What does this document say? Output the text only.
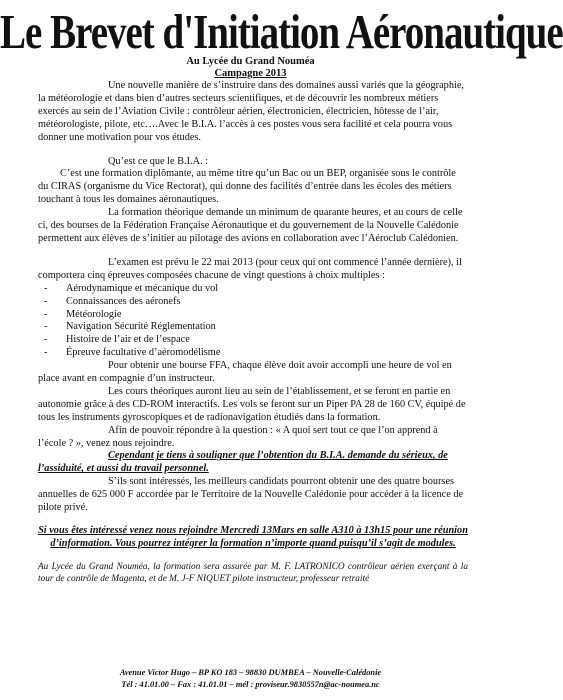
Le Brevet d'Initiation Aéronautique
Au Lycée du Grand Nouméa
Campagne 2013

Une nouvelle manière de s’instruire dans des domaines aussi variés que la géographie, la météorologie et dans bien d’autres secteurs scientifiques, et de découvrir les nombreux métiers exercés au sein de l’Aviation Civile : contrôleur aérien, électronicien, électricien, hôtesse de l’air, météorologiste, pilote, etc….Avec le B.I.A. l’accès à ces postes vous sera facilité et cela pourra vous donner une motivation pour vos études.

Qu’est ce que le B.I.A. :

C’est une formation diplômante, au même titre qu’un Bac ou un BEP, organisée sous le contrôle du CIRAS (organisme du Vice Rectorat), qui donne des facilités d’entrée dans les écoles des métiers touchant à tous les domaines aéronautiques.

La formation théorique demande un minimum de quarante heures, et au cours de celle ci, des bourses de la Fédération Française Aéronautique et du gouvernement de la Nouvelle Calédonie permettent aux élèves de s’initier au pilotage des avions en collaboration avec l’Aéroclub Calédonien.

L’examen est prévu le 22 mai 2013 (pour ceux qui ont commencé l’année dernière), il comportera cinq épreuves composées chacune de vingt questions à choix multiples :

- Aérodynamique et mécanique du vol
- Connaissances des aéronefs
- Météorologie
- Navigation Sécurité Réglementation
- Histoire de l’air et de l’espace
- Épreuve facultative d’aéromodélisme

Pour obtenir une bourse FFA, chaque élève doit avoir accompli une heure de vol en place avant en compagnie d’un instructeur.

Les cours théoriques auront lieu au sein de l’établissement, et se feront en partie en autonomie grâce à des CD-ROM interactifs. Les vols se feront sur un Piper PA 28 de 160 CV, équipé de tous les instruments gyroscopiques et de radionavigation étudiés dans la formation.

Afin de pouvoir répondre à la question : « A quoi sert tout ce que l’on apprend à l’école ? », venez nous rejoindre.

Cependant je tiens à souligner que l’obtention du B.I.A. demande du sérieux, de l’assiduité, et aussi du travail personnel.

S’ils sont intéressés, les meilleurs candidats pourront obtenir une des quatre bourses annuelles de 625 000 F accordée par le Territoire de la Nouvelle Calédonie pour accéder à la licence de pilote privé.

Si vous êtes intéressé venez nous rejoindre Mercredi 13Mars en salle A310 à 13h15 pour une réunion d’information. Vous pourrez intégrer la formation n’importe quand puisqu’il s’agit de modules.

Au Lycée du Grand Nouméa, la formation sera assurée par M. F. LATRONICO contrôleur aérien exerçant à la tour de contrôle de Magenta, et de M. J-F NIQUET pilote instructeur, professeur retraité

Avenue Victor Hugo – BP KO 183 – 98830 DUMBEA – Nouvelle-Calédonie
Tél : 41.01.00 – Fax : 41.01.01 – mél : proviseur.9830557n@ac-noumea.nc
